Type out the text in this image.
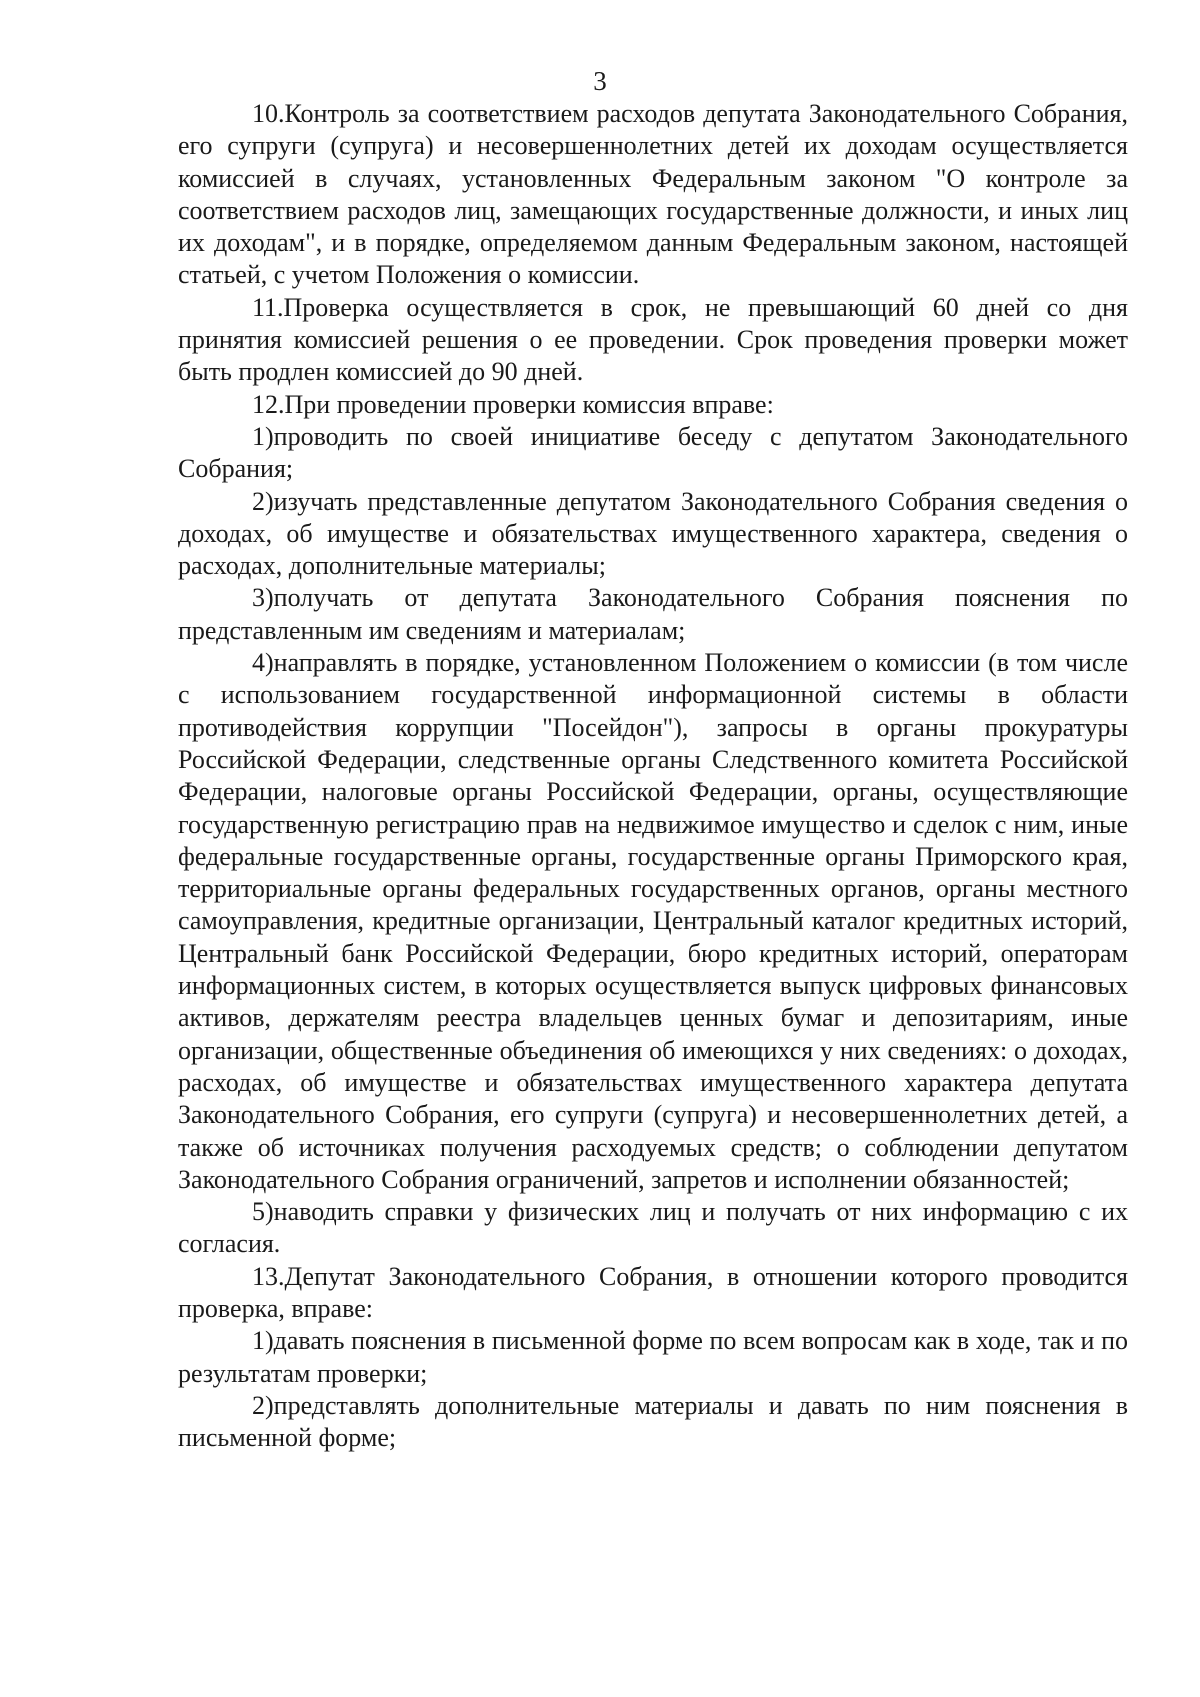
3

10.Контроль за соответствием расходов депутата Законодательного Собрания, его супруги (супруга) и несовершеннолетних детей их доходам осуществляется комиссией в случаях, установленных Федеральным законом "О контроле за соответствием расходов лиц, замещающих государственные должности, и иных лиц их доходам", и в порядке, определяемом данным Федеральным законом, настоящей статьей, с учетом Положения о комиссии.

11.Проверка осуществляется в срок, не превышающий 60 дней со дня принятия комиссией решения о ее проведении. Срок проведения проверки может быть продлен комиссией до 90 дней.

12.При проведении проверки комиссия вправе:

1)проводить по своей инициативе беседу с депутатом Законодательного Собрания;

2)изучать представленные депутатом Законодательного Собрания сведения о доходах, об имуществе и обязательствах имущественного характера, сведения о расходах, дополнительные материалы;

3)получать от депутата Законодательного Собрания пояснения по представленным им сведениям и материалам;

4)направлять в порядке, установленном Положением о комиссии (в том числе с использованием государственной информационной системы в области противодействия коррупции "Посейдон"), запросы в органы прокуратуры Российской Федерации, следственные органы Следственного комитета Российской Федерации, налоговые органы Российской Федерации, органы, осуществляющие государственную регистрацию прав на недвижимое имущество и сделок с ним, иные федеральные государственные органы, государственные органы Приморского края, территориальные органы федеральных государственных органов, органы местного самоуправления, кредитные организации, Центральный каталог кредитных историй, Центральный банк Российской Федерации, бюро кредитных историй, операторам информационных систем, в которых осуществляется выпуск цифровых финансовых активов, держателям реестра владельцев ценных бумаг и депозитариям, иные организации, общественные объединения об имеющихся у них сведениях: о доходах, расходах, об имуществе и обязательствах имущественного характера депутата Законодательного Собрания, его супруги (супруга) и несовершеннолетних детей, а также об источниках получения расходуемых средств; о соблюдении депутатом Законодательного Собрания ограничений, запретов и исполнении обязанностей;

5)наводить справки у физических лиц и получать от них информацию с их согласия.

13.Депутат Законодательного Собрания, в отношении которого проводится проверка, вправе:

1)давать пояснения в письменной форме по всем вопросам как в ходе, так и по результатам проверки;

2)представлять дополнительные материалы и давать по ним пояснения в письменной форме;
